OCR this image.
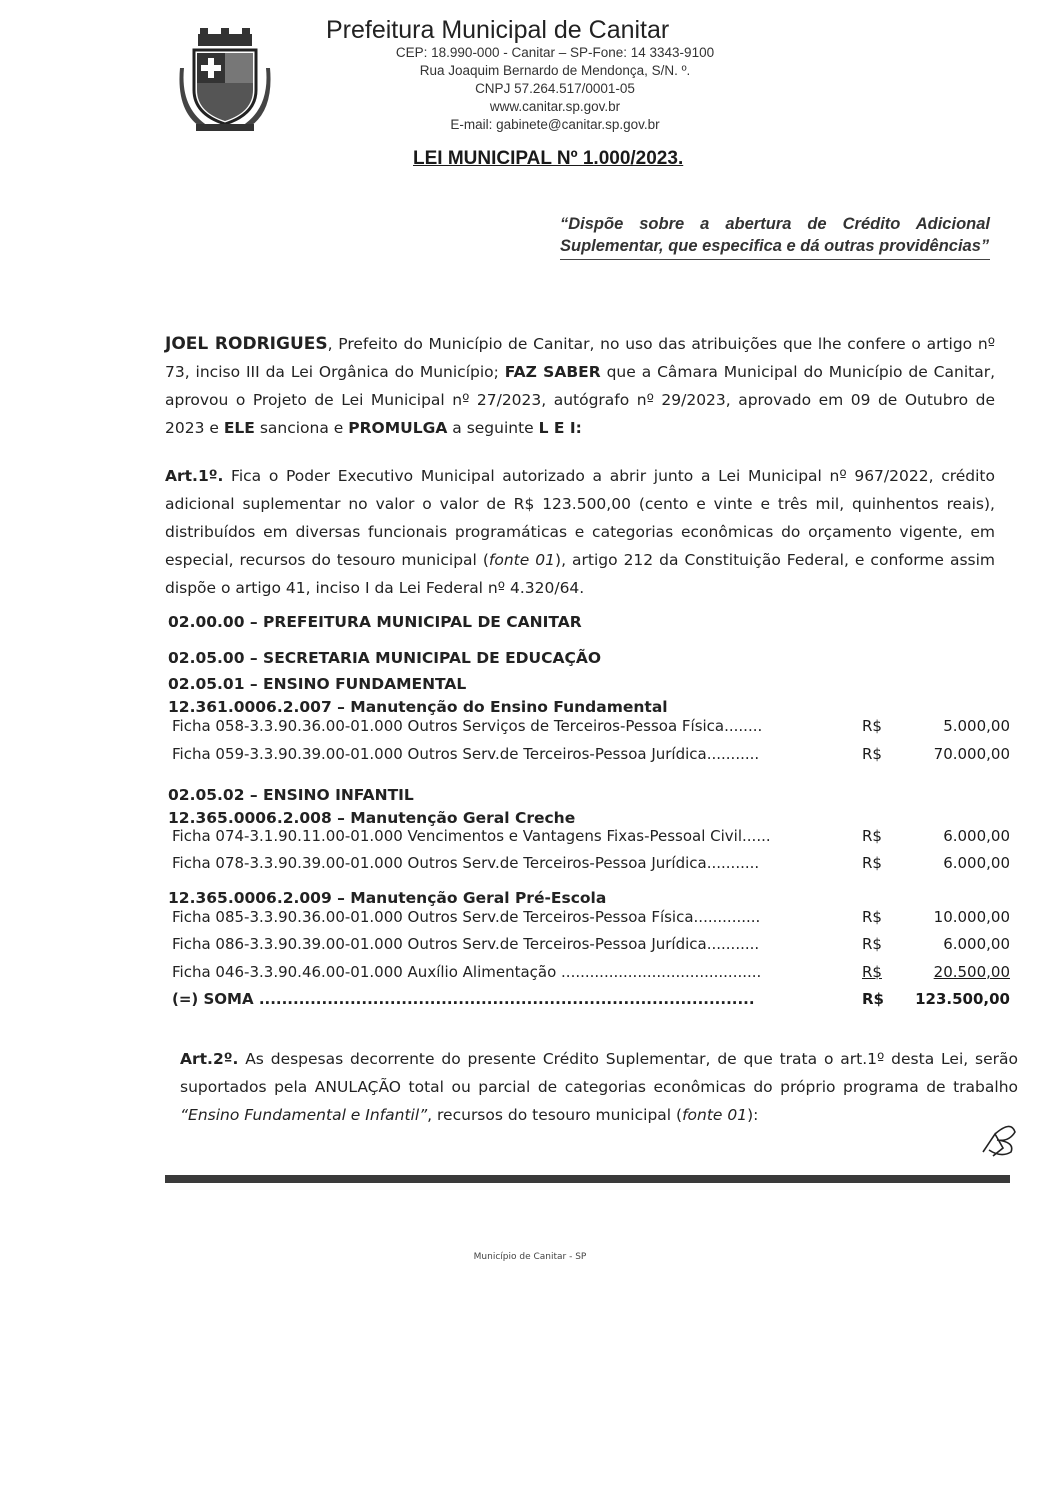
Prefeitura Municipal de Canitar
CEP: 18.990-000 - Canitar – SP-Fone: 14 3343-9100
Rua Joaquim Bernardo de Mendonça, S/N. º.
CNPJ 57.264.517/0001-05
www.canitar.sp.gov.br
E-mail: gabinete@canitar.sp.gov.br
LEI MUNICIPAL Nº 1.000/2023.
“Dispõe sobre a abertura de Crédito Adicional Suplementar, que especifica e dá outras providências”
JOEL RODRIGUES, Prefeito do Município de Canitar, no uso das atribuições que lhe confere o artigo nº 73, inciso III da Lei Orgânica do Município; FAZ SABER que a Câmara Municipal do Município de Canitar, aprovou o Projeto de Lei Municipal nº 27/2023, autógrafo nº 29/2023, aprovado em 09 de Outubro de 2023 e ELE sanciona e PROMULGA a seguinte L E I:
Art.1º. Fica o Poder Executivo Municipal autorizado a abrir junto a Lei Municipal nº 967/2022, crédito adicional suplementar no valor o valor de R$ 123.500,00 (cento e vinte e três mil, quinhentos reais), distribuídos em diversas funcionais programáticas e categorias econômicas do orçamento vigente, em especial, recursos do tesouro municipal (fonte 01), artigo 212 da Constituição Federal, e conforme assim dispõe o artigo 41, inciso I da Lei Federal nº 4.320/64.
02.00.00 – PREFEITURA MUNICIPAL DE CANITAR
02.05.00 – SECRETARIA MUNICIPAL DE EDUCAÇÃO
02.05.01 – ENSINO FUNDAMENTAL
12.361.0006.2.007 – Manutenção do Ensino Fundamental
Ficha 058-3.3.90.36.00-01.000 Outros Serviços de Terceiros-Pessoa Física........	R$	5.000,00
Ficha 059-3.3.90.39.00-01.000 Outros Serv.de Terceiros-Pessoa Jurídica...........	R$	70.000,00
02.05.02 – ENSINO INFANTIL
12.365.0006.2.008 – Manutenção Geral Creche
Ficha 074-3.1.90.11.00-01.000 Vencimentos e Vantagens Fixas-Pessoal Civil......	R$	6.000,00
Ficha 078-3.3.90.39.00-01.000 Outros Serv.de Terceiros-Pessoa Jurídica...........	R$	6.000,00
12.365.0006.2.009 – Manutenção Geral Pré-Escola
Ficha 085-3.3.90.36.00-01.000 Outros Serv.de Terceiros-Pessoa Física..............	R$	10.000,00
Ficha 086-3.3.90.39.00-01.000 Outros Serv.de Terceiros-Pessoa Jurídica...........	R$	6.000,00
Ficha 046-3.3.90.46.00-01.000 Auxílio Alimentação ..........................................	R$	20.500,00
(=) SOMA .......................................................................................	R$	123.500,00
Art.2º. As despesas decorrente do presente Crédito Suplementar, de que trata o art.1º desta Lei, serão suportados pela ANULAÇÃO total ou parcial de categorias econômicas do próprio programa de trabalho “Ensino Fundamental e Infantil”, recursos do tesouro municipal (fonte 01):
Município de Canitar - SP
